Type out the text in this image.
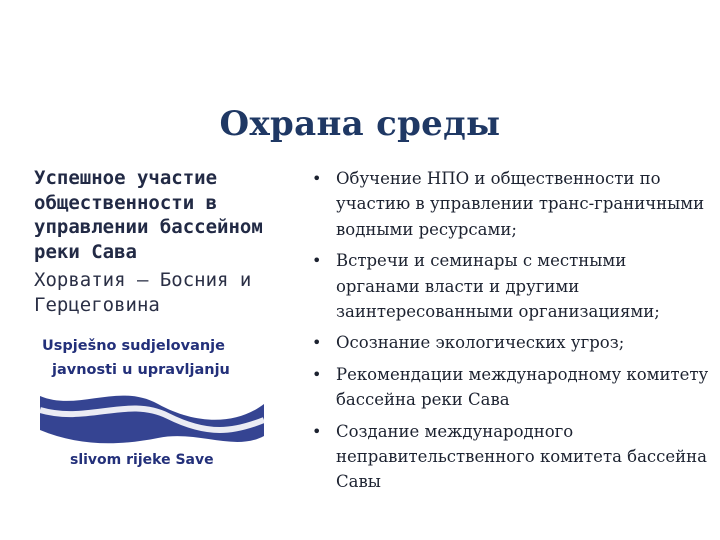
Охрана среды

Успешное участие
общественности в
управлении бассейном
реки Сава

Хорватия – Босния и
Герцеговина

Uspješno sudjelovanje
javnosti u upravljanju
slivom rijeke Save
• Обучение НПО и общественности по участию в управлении транс-граничными водными ресурсами;
• Встречи и семинары с местными органами власти и другими заинтересованными организациями;
• Осознание экологических угроз;
• Рекомендации международному комитету бассейна реки Сава
• Создание международного неправительственного комитета бассейна Савы
